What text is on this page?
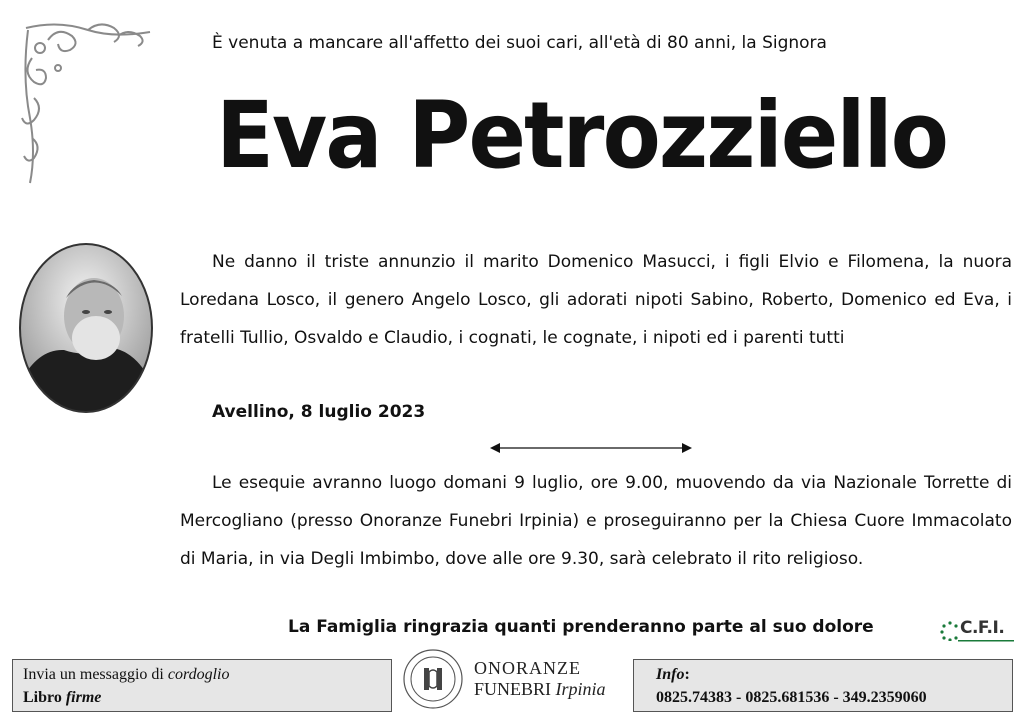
È venuta a mancare all'affetto dei suoi cari, all'età di 80 anni, la Signora
Eva Petrozziello
Ne danno il triste annunzio il marito Domenico Masucci, i figli Elvio e Filomena, la nuora Loredana Losco, il genero Angelo Losco, gli adorati nipoti Sabino, Roberto, Domenico ed Eva, i fratelli Tullio, Osvaldo e Claudio, i cognati, le cognate, i nipoti ed i parenti tutti
Avellino, 8 luglio 2023
Le esequie avranno luogo domani 9 luglio, ore 9.00, muovendo da via Nazionale Torrette di Mercogliano (presso Onoranze Funebri Irpinia) e proseguiranno per la Chiesa Cuore Immacolato di Maria, in via Degli Imbimbo, dove alle ore 9.30, sarà celebrato il rito religioso.
La Famiglia ringrazia quanti prenderanno parte al suo dolore	C.F.I.
Invia un messaggio di cordoglio
Libro firme
ONORANZE
FUNEBRI Irpinia
Info:
0825.74383 - 0825.681536 - 349.2359060
